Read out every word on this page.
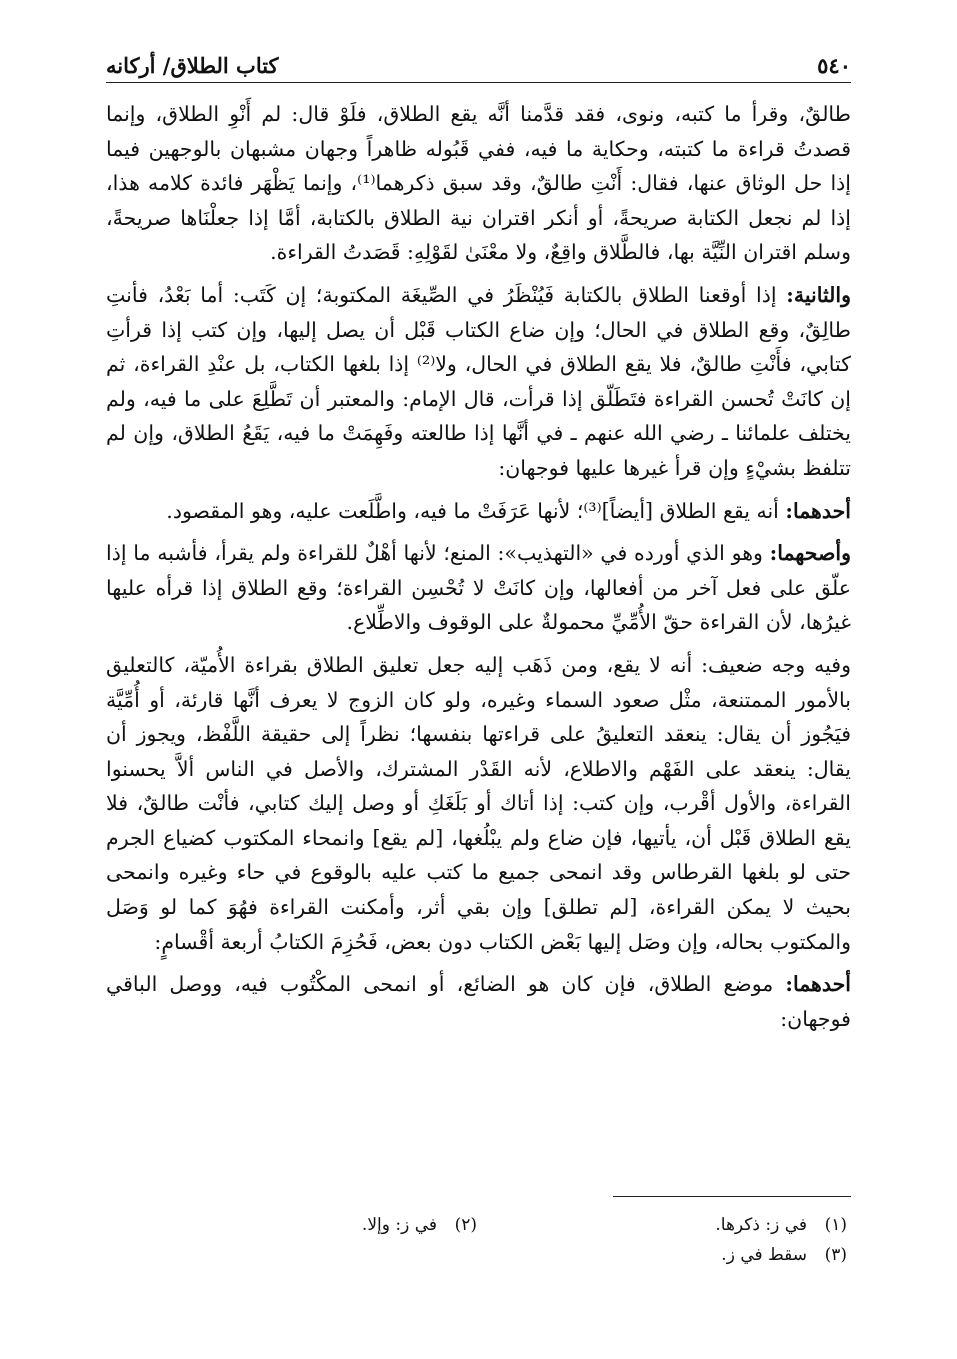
٥٤٠
كتاب الطلاق/ أركانه

طالقٌ، وقرأ ما كتبه، ونوى، فقد قدَّمنا أنَّه يقع الطلاق، فلَوْ قال: لم أَنْوِ الطلاق، وإنما قصدتُ قراءة ما كتبته، وحكاية ما فيه، ففي قَبُوله ظاهراً وجهان مشبهان بالوجهين فيما إذا حل الوثاق عنها، فقال: أَنْتِ طالقٌ، وقد سبق ذكرهما⁽¹⁾، وإنما يَظْهَر فائدة كلامه هذا، إذا لم نجعل الكتابة صريحةً، أو أنكر اقتران نية الطلاق بالكتابة، أمَّا إذا جعلْنَاها صريحةً، وسلم اقتران النِّيَّة بها، فالطَّلاق واقِعٌ، ولا معْنَىٰ لقَوْلِهِ: قَصَدتُ القراءة.

والثانية: إذا أوقعنا الطلاق بالكتابة فَيُنْظَرُ في الصِّيغَة المكتوبة؛ إن كَتَب: أما بَعْدُ، فأنتِ طالِقٌ، وقع الطلاق في الحال؛ وإن ضاع الكتاب قَبْل أن يصل إليها، وإن كتب إذا قرأتِ كتابي، فأَنْتِ طالقٌ، فلا يقع الطلاق في الحال، ولا⁽²⁾ إذا بلغها الكتاب، بل عنْدِ القراءة، ثم إن كانَتْ تُحسن القراءة فتَطَلّق إذا قرأت، قال الإمام: والمعتبر أن تَطَّلِعَ على ما فيه، ولم يختلف علمائنا ـ رضي الله عنهم ـ في أنَّها إذا طالعته وفَهِمَتْ ما فيه، يَقَعُ الطلاق، وإن لم تتلفظ بشيْءٍ وإن قرأ غيرها عليها فوجهان:

أحدهما: أنه يقع الطلاق [أيضاً]⁽³⁾؛ لأنها عَرَفَتْ ما فيه، واطَّلَعت عليه، وهو المقصود.

وأصحهما: وهو الذي أورده في «التهذيب»: المنع؛ لأنها أهْلٌ للقراءة ولم يقرأ، فأشبه ما إذا علّق على فعل آخر من أفعالها، وإن كانَتْ لا تُحْسِن القراءة؛ وقع الطلاق إذا قرأه عليها غيرُها، لأن القراءة حقّ الأُمِّيِّ محمولةٌ على الوقوف والاطِّلاع.

وفيه وجه ضعيف: أنه لا يقع، ومن ذَهَب إليه جعل تعليق الطلاق بقراءة الأُميّة، كالتعليق بالأمور الممتنعة، مثْل صعود السماء وغيره، ولو كان الزوج لا يعرف أنَّها قارئة، أو أُمِّيَّة فيَجُوز أن يقال: ينعقد التعليقُ على قراءتها بنفسها؛ نظراً إلى حقيقة اللَّفْظ، ويجوز أن يقال: ينعقد على الفَهْم والاطلاع، لأنه القَدْر المشترك، والأصل في الناس ألاَّ يحسنوا القراءة، والأول أقْرب، وإن كتب: إذا أتاك أو بَلَغَكِ أو وصل إليك كتابي، فأنْت طالقٌ، فلا يقع الطلاق قَبْل أن، يأتيها، فإن ضاع ولم يبْلُغها، [لم يقع] وانمحاء المكتوب كضياع الجرم حتى لو بلغها القرطاس وقد انمحى جميع ما كتب عليه بالوقوع في حاء وغيره وانمحى بحيث لا يمكن القراءة، [لم تطلق] وإن بقي أثر، وأمكنت القراءة فهُوَ كما لو وَصَل والمكتوب بحاله، وإن وصَل إليها بَعْض الكتاب دون بعض، فَحُزِمَ الكتابُ أربعة أقْسامٍ:

أحدهما: موضع الطلاق، فإن كان هو الضائع، أو انمحى المكْتُوب فيه، ووصل الباقي فوجهان:

(١)
في ز: ذكرها.
(٢)
في ز: وإلا.
(٣)
سقط في ز.
